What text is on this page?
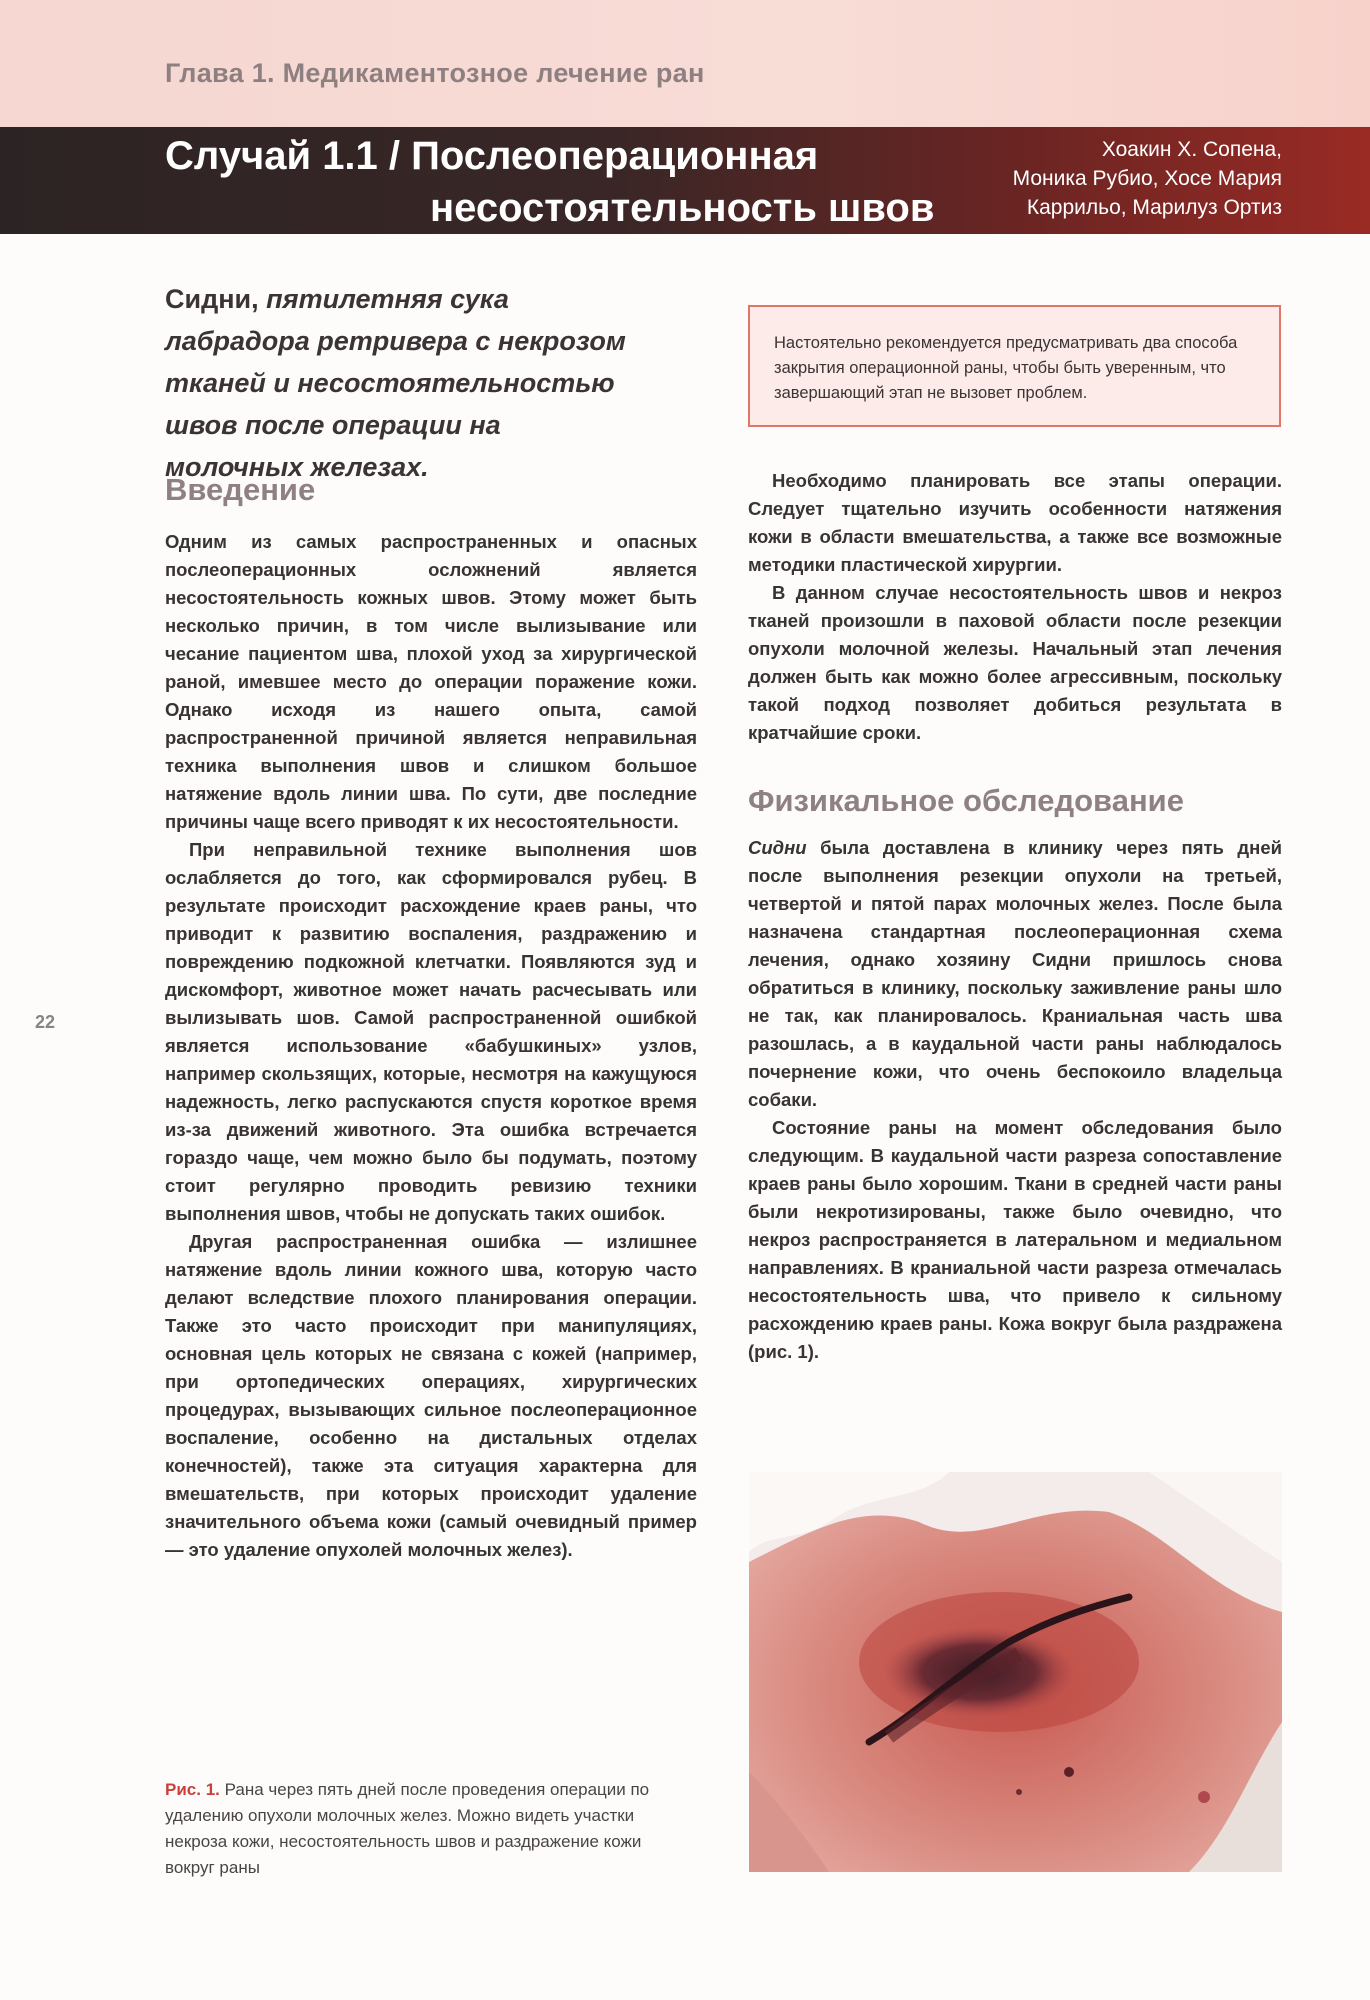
Глава 1. Медикаментозное лечение ран
Случай 1.1 / Послеоперационная
несостоятельность швов
Хоакин Х. Сопена,
Моника Рубио, Хосе Мария
Каррильо, Марилуз Ортиз
Сидни, пятилетняя сука лабрадора ретривера с некрозом тканей и несостоятельностью швов после операции на молочных железах.
Настоятельно рекомендуется предусматривать два способа закрытия операционной раны, чтобы быть уверенным, что завершающий этап не вызовет проблем.
Введение

Одним из самых распространенных и опасных послеоперационных осложнений является несостоятельность кожных швов. Этому может быть несколько причин, в том числе вылизывание или чесание пациентом шва, плохой уход за хирургической раной, имевшее место до операции поражение кожи. Однако исходя из нашего опыта, самой распространенной причиной является неправильная техника выполнения швов и слишком большое натяжение вдоль линии шва. По сути, две последние причины чаще всего приводят к их несостоятельности.

При неправильной технике выполнения шов ослабляется до того, как сформировался рубец. В результате происходит расхождение краев раны, что приводит к развитию воспаления, раздражению и повреждению подкожной клетчатки. Появляются зуд и дискомфорт, животное может начать расчесывать или вылизывать шов. Самой распространенной ошибкой является использование «бабушкиных» узлов, например скользящих, которые, несмотря на кажущуюся надежность, легко распускаются спустя короткое время из-за движений животного. Эта ошибка встречается гораздо чаще, чем можно было бы подумать, поэтому стоит регулярно проводить ревизию техники выполнения швов, чтобы не допускать таких ошибок.

Другая распространенная ошибка — излишнее натяжение вдоль линии кожного шва, которую часто делают вследствие плохого планирования операции. Также это часто происходит при манипуляциях, основная цель которых не связана с кожей (например, при ортопедических операциях, хирургических процедурах, вызывающих сильное послеоперационное воспаление, особенно на дистальных отделах конечностей), также эта ситуация характерна для вмешательств, при которых происходит удаление значительного объема кожи (самый очевидный пример — это удаление опухолей молочных желез).

Необходимо планировать все этапы операции. Следует тщательно изучить особенности натяжения кожи в области вмешательства, а также все возможные методики пластической хирургии.

В данном случае несостоятельность швов и некроз тканей произошли в паховой области после резекции опухоли молочной железы. Начальный этап лечения должен быть как можно более агрессивным, поскольку такой подход позволяет добиться результата в кратчайшие сроки.

Физикальное обследование

Сидни была доставлена в клинику через пять дней после выполнения резекции опухоли на третьей, четвертой и пятой парах молочных желез. После была назначена стандартная послеоперационная схема лечения, однако хозяину Сидни пришлось снова обратиться в клинику, поскольку заживление раны шло не так, как планировалось. Краниальная часть шва разошлась, а в каудальной части раны наблюдалось почернение кожи, что очень беспокоило владельца собаки.

Состояние раны на момент обследования было следующим. В каудальной части разреза сопоставление краев раны было хорошим. Ткани в средней части раны были некротизированы, также было очевидно, что некроз распространяется в латеральном и медиальном направлениях. В краниальной части разреза отмечалась несостоятельность шва, что привело к сильному расхождению краев раны. Кожа вокруг была раздражена (рис. 1).

22
Рис. 1. Рана через пять дней после проведения операции по удалению опухоли молочных желез. Можно видеть участки некроза кожи, несостоятельность швов и раздражение кожи вокруг раны
